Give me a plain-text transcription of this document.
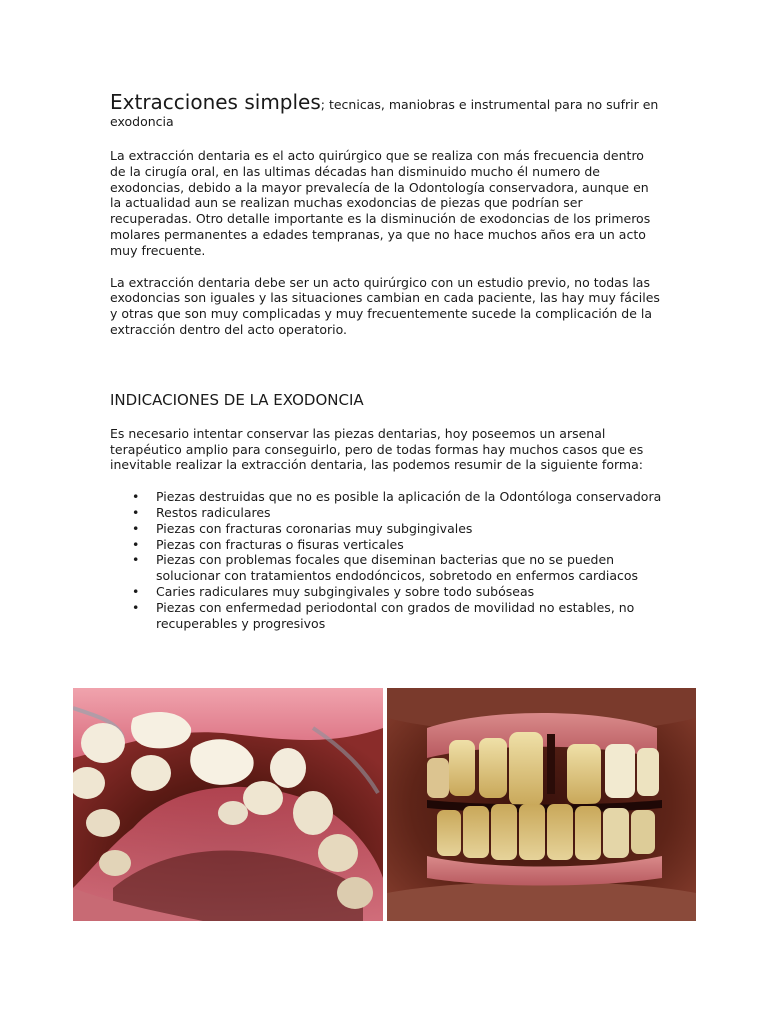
Extracciones simples; tecnicas, maniobras e instrumental para no sufrir en exodoncia

La extracción dentaria es el acto quirúrgico que se realiza con más frecuencia dentro de la cirugía oral, en las ultimas décadas han disminuido mucho él numero de exodoncias, debido a la mayor prevalecía de la Odontología conservadora, aunque en la actualidad aun se realizan muchas exodoncias de piezas que podrían ser recuperadas. Otro detalle importante es la disminución de exodoncias de los primeros molares permanentes a edades tempranas, ya que no hace muchos años era un acto muy frecuente.

La extracción dentaria debe ser un acto quirúrgico con un estudio previo, no todas las exodoncias son iguales y las situaciones cambian en cada paciente, las hay muy fáciles y otras que son muy complicadas y muy frecuentemente sucede la complicación de la extracción dentro del acto operatorio.

INDICACIONES DE LA EXODONCIA

Es necesario intentar conservar las piezas dentarias, hoy poseemos un arsenal terapéutico amplio para conseguirlo, pero de todas formas hay muchos casos que es inevitable realizar la extracción dentaria, las podemos resumir de la siguiente forma:

• Piezas destruidas que no es posible la aplicación de la Odontóloga conservadora
• Restos radiculares
• Piezas con fracturas coronarias muy subgingivales
• Piezas con fracturas o fisuras verticales
• Piezas con problemas focales que diseminan bacterias que no se pueden solucionar con tratamientos endodóncicos, sobretodo en enfermos cardiacos
• Caries radiculares muy subgingivales y sobre todo subóseas
• Piezas con enfermedad periodontal con grados de movilidad no estables, no recuperables y progresivos
